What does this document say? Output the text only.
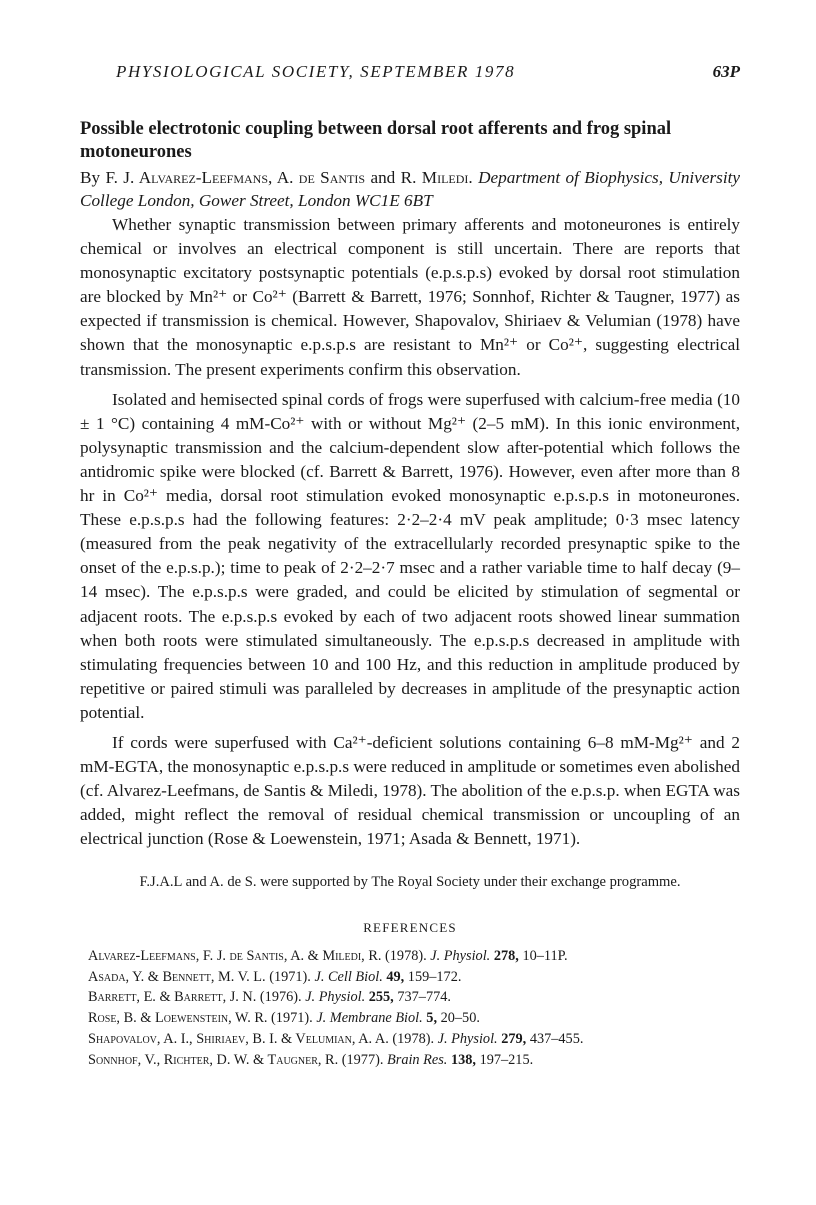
PHYSIOLOGICAL SOCIETY, SEPTEMBER 1978	63P
Possible electrotonic coupling between dorsal root afferents and frog spinal motoneurones
By F. J. Alvarez-Leefmans, A. de Santis and R. Miledi. Department of Biophysics, University College London, Gower Street, London WC1E 6BT

Whether synaptic transmission between primary afferents and motoneurones is entirely chemical or involves an electrical component is still uncertain. There are reports that monosynaptic excitatory postsynaptic potentials (e.p.s.p.s) evoked by dorsal root stimulation are blocked by Mn²⁺ or Co²⁺ (Barrett & Barrett, 1976; Sonnhof, Richter & Taugner, 1977) as expected if transmission is chemical. However, Shapovalov, Shiriaev & Velumian (1978) have shown that the monosynaptic e.p.s.p.s are resistant to Mn²⁺ or Co²⁺, suggesting electrical transmission. The present experiments confirm this observation.

Isolated and hemisected spinal cords of frogs were superfused with calcium-free media (10 ± 1 °C) containing 4 mM-Co²⁺ with or without Mg²⁺ (2–5 mM). In this ionic environment, polysynaptic transmission and the calcium-dependent slow after-potential which follows the antidromic spike were blocked (cf. Barrett & Barrett, 1976). However, even after more than 8 hr in Co²⁺ media, dorsal root stimulation evoked monosynaptic e.p.s.p.s in motoneurones. These e.p.s.p.s had the following features: 2·2–2·4 mV peak amplitude; 0·3 msec latency (measured from the peak negativity of the extracellularly recorded presynaptic spike to the onset of the e.p.s.p.); time to peak of 2·2–2·7 msec and a rather variable time to half decay (9–14 msec). The e.p.s.p.s were graded, and could be elicited by stimulation of segmental or adjacent roots. The e.p.s.p.s evoked by each of two adjacent roots showed linear summation when both roots were stimulated simultaneously. The e.p.s.p.s decreased in amplitude with stimulating frequencies between 10 and 100 Hz, and this reduction in amplitude produced by repetitive or paired stimuli was paralleled by decreases in amplitude of the presynaptic action potential.

If cords were superfused with Ca²⁺-deficient solutions containing 6–8 mM-Mg²⁺ and 2 mM-EGTA, the monosynaptic e.p.s.p.s were reduced in amplitude or sometimes even abolished (cf. Alvarez-Leefmans, de Santis & Miledi, 1978). The abolition of the e.p.s.p. when EGTA was added, might reflect the removal of residual chemical transmission or uncoupling of an electrical junction (Rose & Loewenstein, 1971; Asada & Bennett, 1971).

F.J.A.L and A. de S. were supported by The Royal Society under their exchange programme.
REFERENCES
Alvarez-Leefmans, F. J. de Santis, A. & Miledi, R. (1978). J. Physiol. 278, 10–11P.
Asada, Y. & Bennett, M. V. L. (1971). J. Cell Biol. 49, 159–172.
Barrett, E. & Barrett, J. N. (1976). J. Physiol. 255, 737–774.
Rose, B. & Loewenstein, W. R. (1971). J. Membrane Biol. 5, 20–50.
Shapovalov, A. I., Shiriaev, B. I. & Velumian, A. A. (1978). J. Physiol. 279, 437–455.
Sonnhof, V., Richter, D. W. & Taugner, R. (1977). Brain Res. 138, 197–215.
